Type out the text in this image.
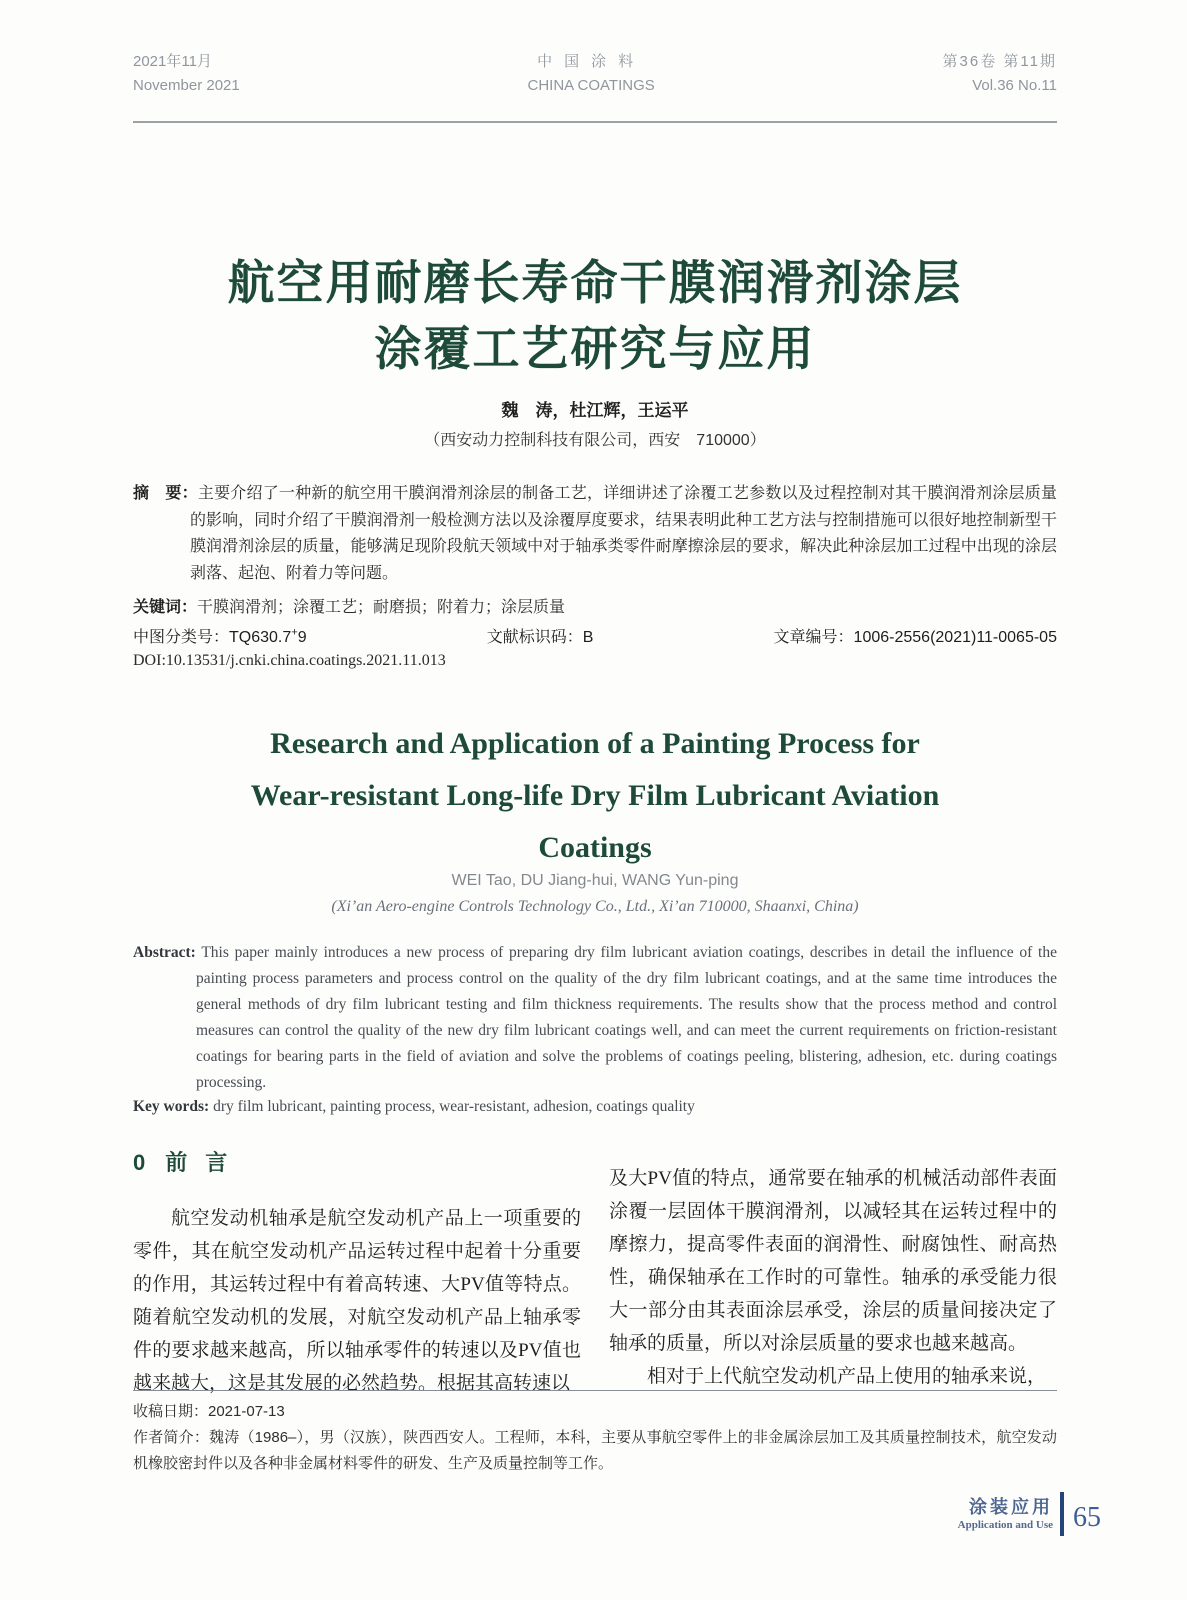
2021年11月
November 2021
中国涂料
CHINA COATINGS
第36卷 第11期
Vol.36 No.11
航空用耐磨长寿命干膜润滑剂涂层
涂覆工艺研究与应用
魏　涛，杜江辉，王运平
（西安动力控制科技有限公司，西安　710000）
摘　要：主要介绍了一种新的航空用干膜润滑剂涂层的制备工艺，详细讲述了涂覆工艺参数以及过程控制对其干膜润滑剂涂层质量的影响，同时介绍了干膜润滑剂一般检测方法以及涂覆厚度要求，结果表明此种工艺方法与控制措施可以很好地控制新型干膜润滑剂涂层的质量，能够满足现阶段航天领域中对于轴承类零件耐摩擦涂层的要求，解决此种涂层加工过程中出现的涂层剥落、起泡、附着力等问题。
关键词：干膜润滑剂；涂覆工艺；耐磨损；附着力；涂层质量
中图分类号：TQ630.7+9	文献标识码：B	文章编号：1006-2556(2021)11-0065-05
DOI:10.13531/j.cnki.china.coatings.2021.11.013
Research and Application of a Painting Process for
Wear-resistant Long-life Dry Film Lubricant Aviation
Coatings
WEI Tao, DU Jiang-hui, WANG Yun-ping
(Xi’an Aero-engine Controls Technology Co., Ltd., Xi’an 710000, Shaanxi, China)
Abstract: This paper mainly introduces a new process of preparing dry film lubricant aviation coatings, describes in detail the influence of the painting process parameters and process control on the quality of the dry film lubricant coatings, and at the same time introduces the general methods of dry film lubricant testing and film thickness requirements. The results show that the process method and control measures can control the quality of the new dry film lubricant coatings well, and can meet the current requirements on friction-resistant coatings for bearing parts in the field of aviation and solve the problems of coatings peeling, blistering, adhesion, etc. during coatings processing.
Key words: dry film lubricant, painting process, wear-resistant, adhesion, coatings quality
0 前言

航空发动机轴承是航空发动机产品上一项重要的零件，其在航空发动机产品运转过程中起着十分重要的作用，其运转过程中有着高转速、大PV值等特点。随着航空发动机的发展，对航空发动机产品上轴承零件的要求越来越高，所以轴承零件的转速以及PV值也越来越大，这是其发展的必然趋势。根据其高转速以

及大PV值的特点，通常要在轴承的机械活动部件表面涂覆一层固体干膜润滑剂，以减轻其在运转过程中的摩擦力，提高零件表面的润滑性、耐腐蚀性、耐高热性，确保轴承在工作时的可靠性。轴承的承受能力很大一部分由其表面涂层承受，涂层的质量间接决定了轴承的质量，所以对涂层质量的要求也越来越高。

相对于上代航空发动机产品上使用的轴承来说，

收稿日期：2021-07-13
作者简介：魏涛（1986–），男（汉族），陕西西安人。工程师，本科，主要从事航空零件上的非金属涂层加工及其质量控制技术，航空发动机橡胶密封件以及各种非金属材料零件的研发、生产及质量控制等工作。
涂装应用
Application and Use 65
